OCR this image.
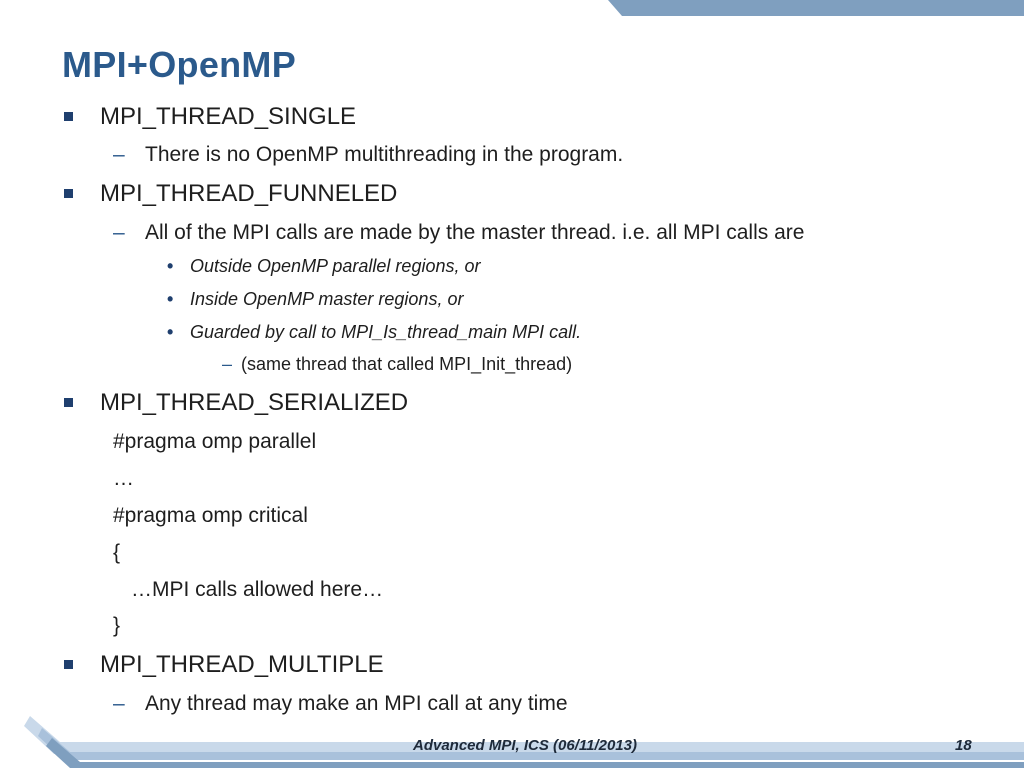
MPI+OpenMP
MPI_THREAD_SINGLE
– There is no OpenMP multithreading in the program.
MPI_THREAD_FUNNELED
– All of the MPI calls are made by the master thread. i.e. all MPI calls are
• Outside OpenMP parallel regions, or
• Inside OpenMP master regions, or
• Guarded by call to MPI_Is_thread_main MPI call.
– (same thread that called MPI_Init_thread)
MPI_THREAD_SERIALIZED
#pragma omp parallel
…
#pragma omp critical
{
…MPI calls allowed here…
}
MPI_THREAD_MULTIPLE
– Any thread may make an MPI call at any time
Advanced MPI, ICS (06/11/2013)	18
